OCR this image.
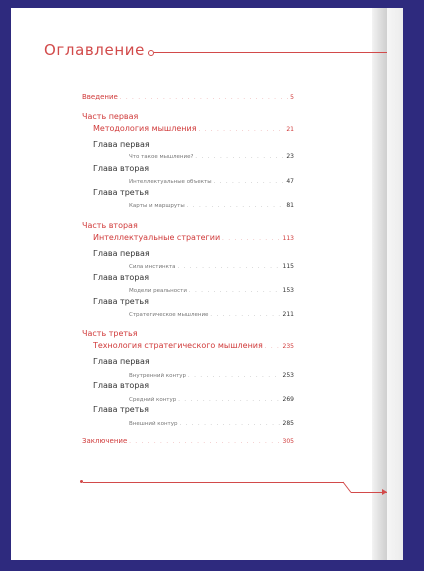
Оглавление
Введение . . .	5
Часть первая
Методология мышления . . .	21
Глава первая
Что такое мышление? . . .	23
Глава вторая
Интеллектуальные объекты . . .	47
Глава третья
Карты и маршруты . . .	81
Часть вторая
Интеллектуальные стратегии . . .	113
Глава первая
Сила инстинкта . . .	115
Глава вторая
Модели реальности . . .	153
Глава третья
Стратегическое мышление . . .	211
Часть третья
Технология стратегического мышления . . .	235
Глава первая
Внутренний контур . . .	253
Глава вторая
Средний контур . . .	269
Глава третья
Внешний контур . . .	285
Заключение . . .	305
